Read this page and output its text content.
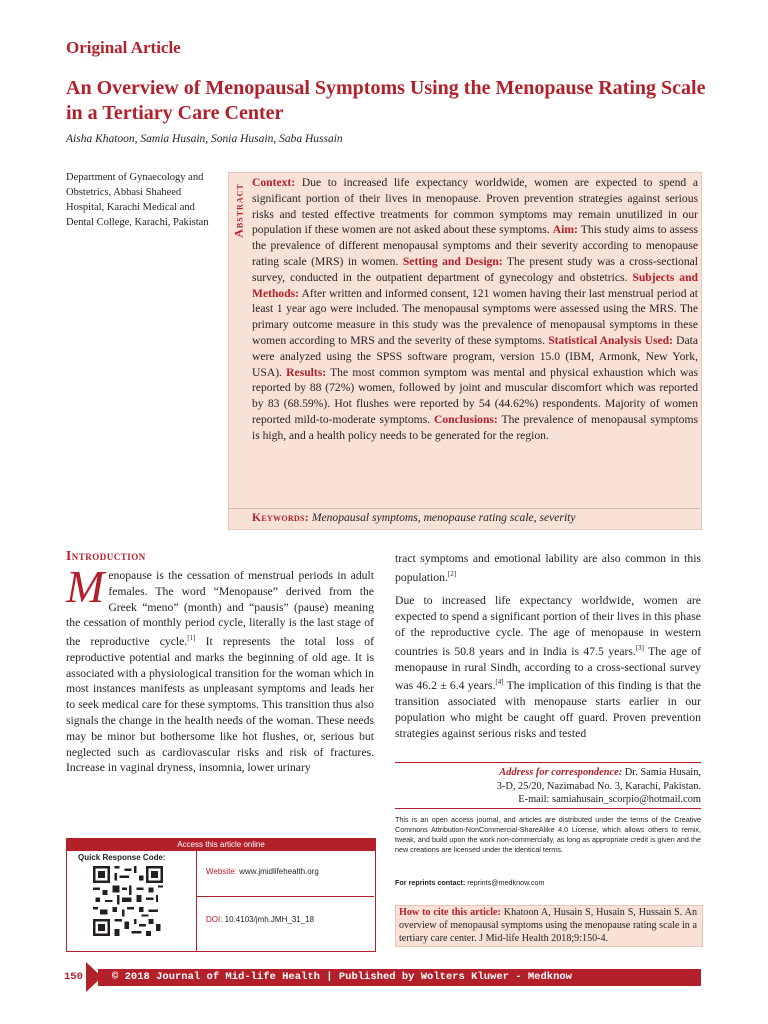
Original Article
An Overview of Menopausal Symptoms Using the Menopause Rating Scale in a Tertiary Care Center
Aisha Khatoon, Samia Husain, Sonia Husain, Saba Hussain
Department of Gynaecology and Obstetrics, Abbasi Shaheed Hospital, Karachi Medical and Dental College, Karachi, Pakistan	Abstract
Context: Due to increased life expectancy worldwide, women are expected to spend a significant portion of their lives in menopause. Proven prevention strategies against serious risks and tested effective treatments for common symptoms may remain unutilized in our population if these women are not asked about these symptoms. Aim: This study aims to assess the prevalence of different menopausal symptoms and their severity according to menopause rating scale (MRS) in women. Setting and Design: The present study was a cross-sectional survey, conducted in the outpatient department of gynecology and obstetrics. Subjects and Methods: After written and informed consent, 121 women having their last menstrual period at least 1 year ago were included. The menopausal symptoms were assessed using the MRS. The primary outcome measure in this study was the prevalence of menopausal symptoms in these women according to MRS and the severity of these symptoms. Statistical Analysis Used: Data were analyzed using the SPSS software program, version 15.0 (IBM, Armonk, New York, USA). Results: The most common symptom was mental and physical exhaustion which was reported by 88 (72%) women, followed by joint and muscular discomfort which was reported by 83 (68.59%). Hot flushes were reported by 54 (44.62%) respondents. Majority of women reported mild-to-moderate symptoms. Conclusions: The prevalence of menopausal symptoms is high, and a health policy needs to be generated for the region.
Keywords: Menopausal symptoms, menopause rating scale, severity
Introduction
Menopause is the cessation of menstrual periods in adult females. The word “Menopause” derived from the Greek “meno” (month) and “pausis” (pause) meaning the cessation of monthly period cycle, literally is the last stage of the reproductive cycle.[1] It represents the total loss of reproductive potential and marks the beginning of old age. It is associated with a physiological transition for the woman which in most instances manifests as unpleasant symptoms and leads her to seek medical care for these symptoms. This transition thus also signals the change in the health needs of the woman. These needs may be minor but bothersome like hot flushes, or, serious but neglected such as cardiovascular risks and risk of fractures. Increase in vaginal dryness, insomnia, lower urinary
tract symptoms and emotional lability are also common in this population.[2]
Due to increased life expectancy worldwide, women are expected to spend a significant portion of their lives in this phase of the reproductive cycle. The age of menopause in western countries is 50.8 years and in India is 47.5 years.[3] The age of menopause in rural Sindh, according to a cross-sectional survey was 46.2 ± 6.4 years.[4] The implication of this finding is that the transition associated with menopause starts earlier in our population who might be caught off guard. Proven prevention strategies against serious risks and tested
Access this article online
Quick Response Code:
Website: www.jmidlifehealth.org
DOI: 10.4103/jmh.JMH_31_18
Address for correspondence: Dr. Samia Husain,
3-D, 25/20, Nazimabad No. 3, Karachi, Pakistan.
E-mail: samiahusain_scorpio@hotmail.com
This is an open access journal, and articles are distributed under the terms of the Creative Commons Attribution-NonCommercial-ShareAlike 4.0 License, which allows others to remix, tweak, and build upon the work non-commercially, as long as appropriate credit is given and the new creations are licensed under the identical terms.
For reprints contact: reprints@medknow.com
How to cite this article: Khatoon A, Husain S, Husain S, Hussain S. An overview of menopausal symptoms using the menopause rating scale in a tertiary care center. J Mid-life Health 2018;9:150-4.
150	© 2018 Journal of Mid-life Health | Published by Wolters Kluwer - Medknow
